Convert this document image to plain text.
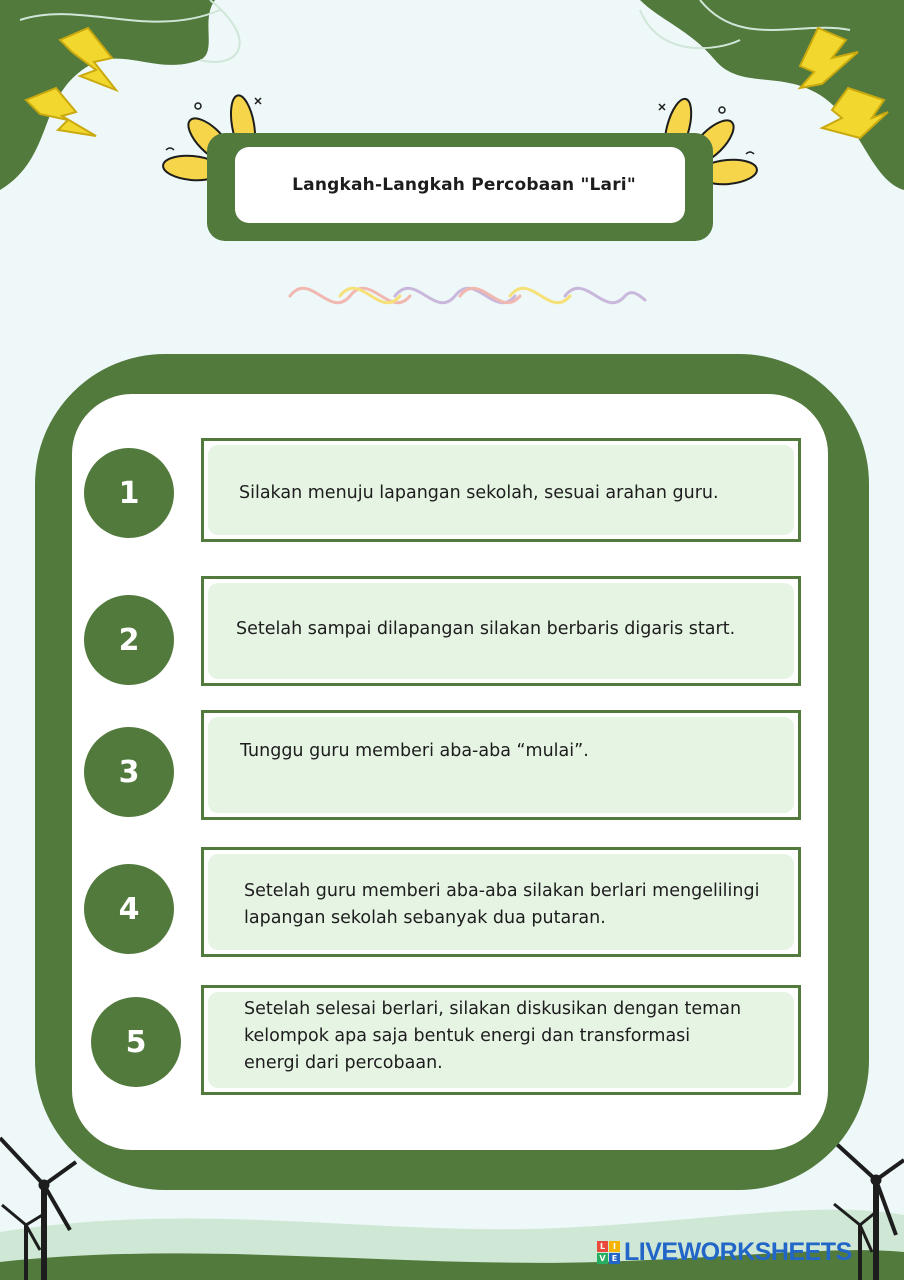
Langkah-Langkah Percobaan "Lari"
1	Silakan menuju lapangan sekolah, sesuai arahan guru.
2	Setelah sampai dilapangan silakan berbaris digaris start.
3
Tunggu guru memberi aba-aba “mulai”.
4
Setelah guru memberi aba-aba silakan berlari mengelilingi
lapangan sekolah sebanyak dua putaran.
5
Setelah selesai berlari, silakan diskusikan dengan teman
kelompok apa saja bentuk energi dan transformasi
energi dari percobaan.
L I
V E LIVEWORKSHEETS
